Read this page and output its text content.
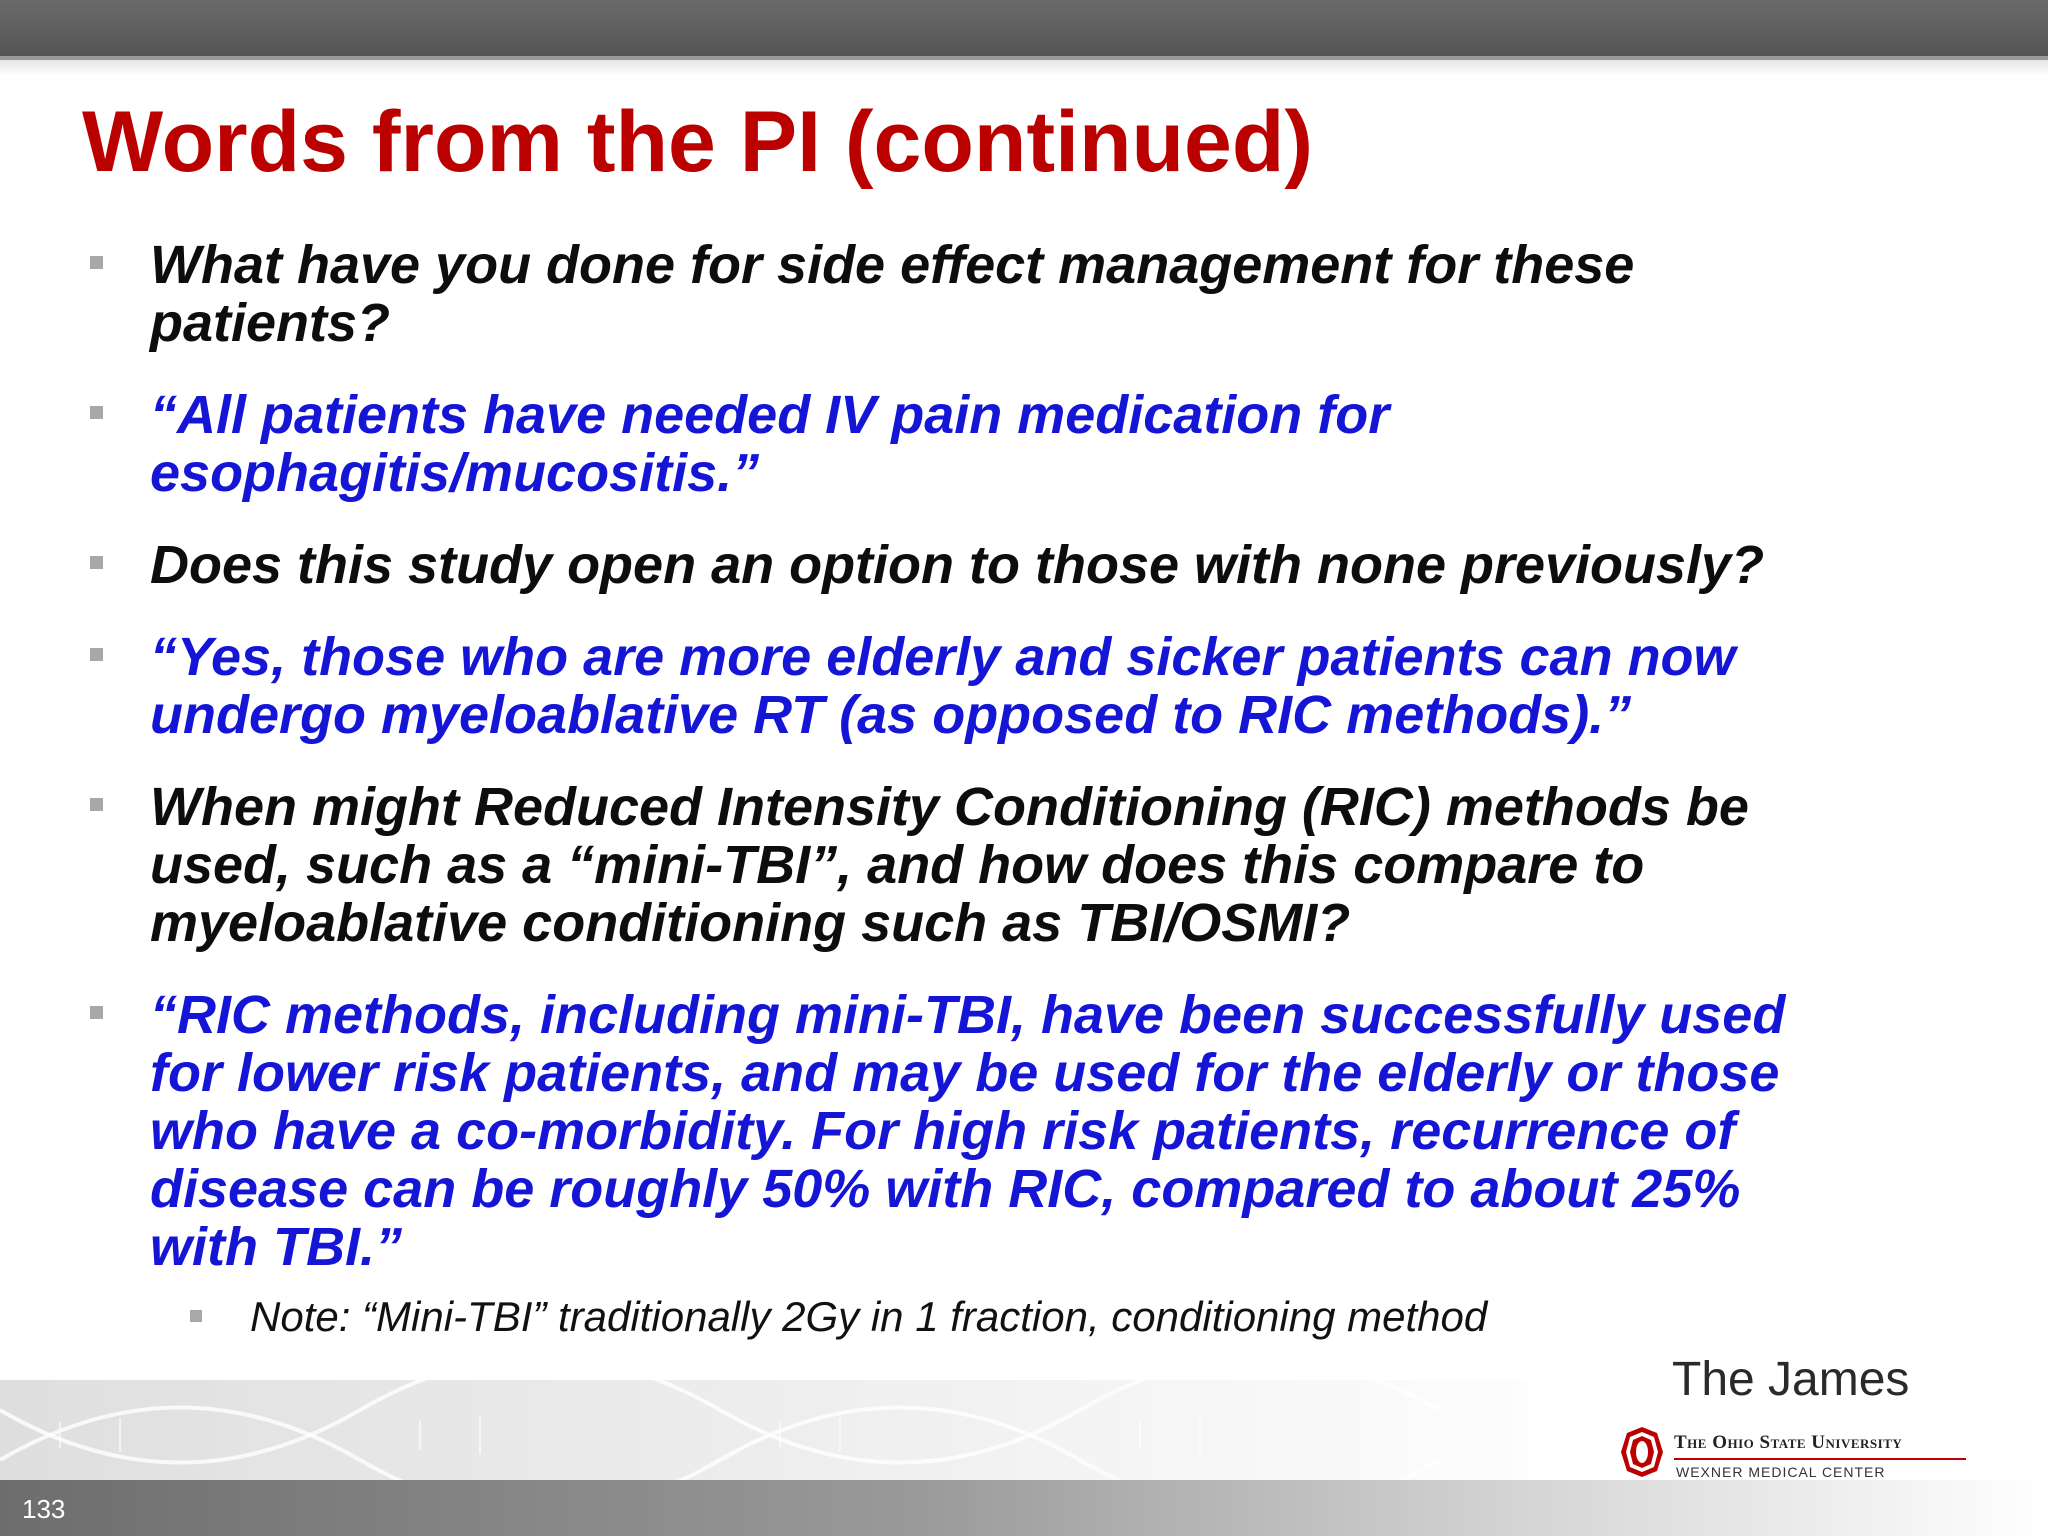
Words from the PI (continued)
What have you done for side effect management for these
patients?
“All patients have needed IV pain medication for
esophagitis/mucositis.”
Does this study open an option to those with none previously?
“Yes, those who are more elderly and sicker patients can now
undergo myeloablative RT (as opposed to RIC methods).”
When might Reduced Intensity Conditioning (RIC) methods be
used, such as a “mini-TBI”, and how does this compare to
myeloablative conditioning such as TBI/OSMI?
“RIC methods, including mini-TBI, have been successfully used
for lower risk patients, and may be used for the elderly or those
who have a co-morbidity. For high risk patients, recurrence of
disease can be roughly 50% with RIC, compared to about 25%
with TBI.”
Note: “Mini-TBI” traditionally 2Gy in 1 fraction, conditioning method
133
The James
The Ohio State University
WEXNER MEDICAL CENTER
